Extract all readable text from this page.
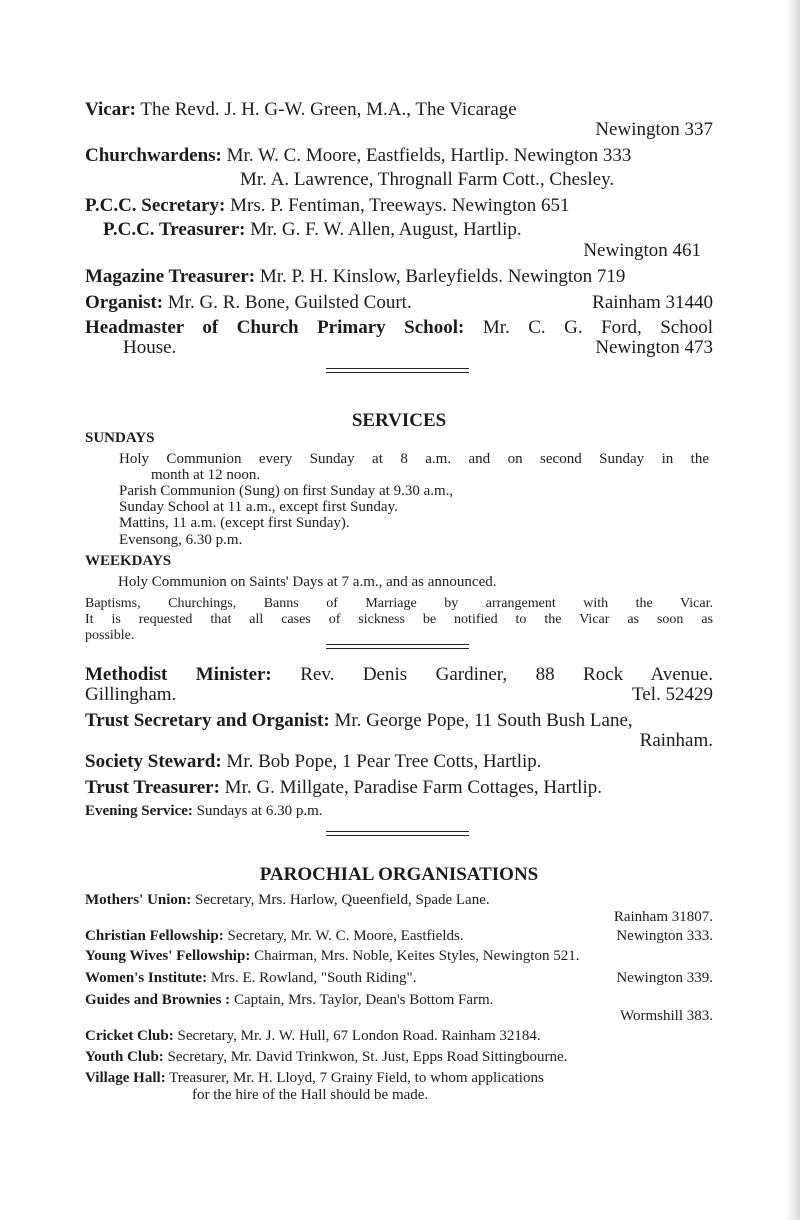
Vicar: The Revd. J. H. G-W. Green, M.A., The Vicarage
Newington 337
Churchwardens: Mr. W. C. Moore, Eastfields, Hartlip. Newington 333
Mr. A. Lawrence, Thrognall Farm Cott., Chesley.
P.C.C. Secretary: Mrs. P. Fentiman, Treeways. Newington 651
P.C.C. Treasurer: Mr. G. F. W. Allen, August, Hartlip.
Newington 461
Magazine Treasurer: Mr. P. H. Kinslow, Barleyfields. Newington 719
Organist: Mr. G. R. Bone, Guilsted Court.	Rainham 31440
Headmaster of Church Primary School: Mr. C. G. Ford, School
House.	Newington 473
SERVICES
SUNDAYS
Holy Communion every Sunday at 8 a.m. and on second Sunday in the
month at 12 noon.
Parish Communion (Sung) on first Sunday at 9.30 a.m.,
Sunday School at 11 a.m., except first Sunday.
Mattins, 11 a.m. (except first Sunday).
Evensong, 6.30 p.m.
WEEKDAYS
Holy Communion on Saints' Days at 7 a.m., and as announced.
Baptisms, Churchings, Banns of Marriage by arrangement with the Vicar.
It is requested that all cases of sickness be notified to the Vicar as soon as
possible.
Methodist Minister: Rev. Denis Gardiner, 88 Rock Avenue.
Gillingham.	Tel. 52429
Trust Secretary and Organist: Mr. George Pope, 11 South Bush Lane,
Rainham.
Society Steward: Mr. Bob Pope, 1 Pear Tree Cotts, Hartlip.
Trust Treasurer: Mr. G. Millgate, Paradise Farm Cottages, Hartlip.
Evening Service: Sundays at 6.30 p.m.
PAROCHIAL ORGANISATIONS
Mothers' Union: Secretary, Mrs. Harlow, Queenfield, Spade Lane.
Rainham 31807.
Christian Fellowship: Secretary, Mr. W. C. Moore, Eastfields.	Newington 333.
Young Wives' Fellowship: Chairman, Mrs. Noble, Keites Styles, Newington 521.
Women's Institute: Mrs. E. Rowland, "South Riding".	Newington 339.
Guides and Brownies : Captain, Mrs. Taylor, Dean's Bottom Farm.
Wormshill 383.
Cricket Club: Secretary, Mr. J. W. Hull, 67 London Road. Rainham 32184.
Youth Club: Secretary, Mr. David Trinkwon, St. Just, Epps Road Sittingbourne.
Village Hall: Treasurer, Mr. H. Lloyd, 7 Grainy Field, to whom applications
for the hire of the Hall should be made.
